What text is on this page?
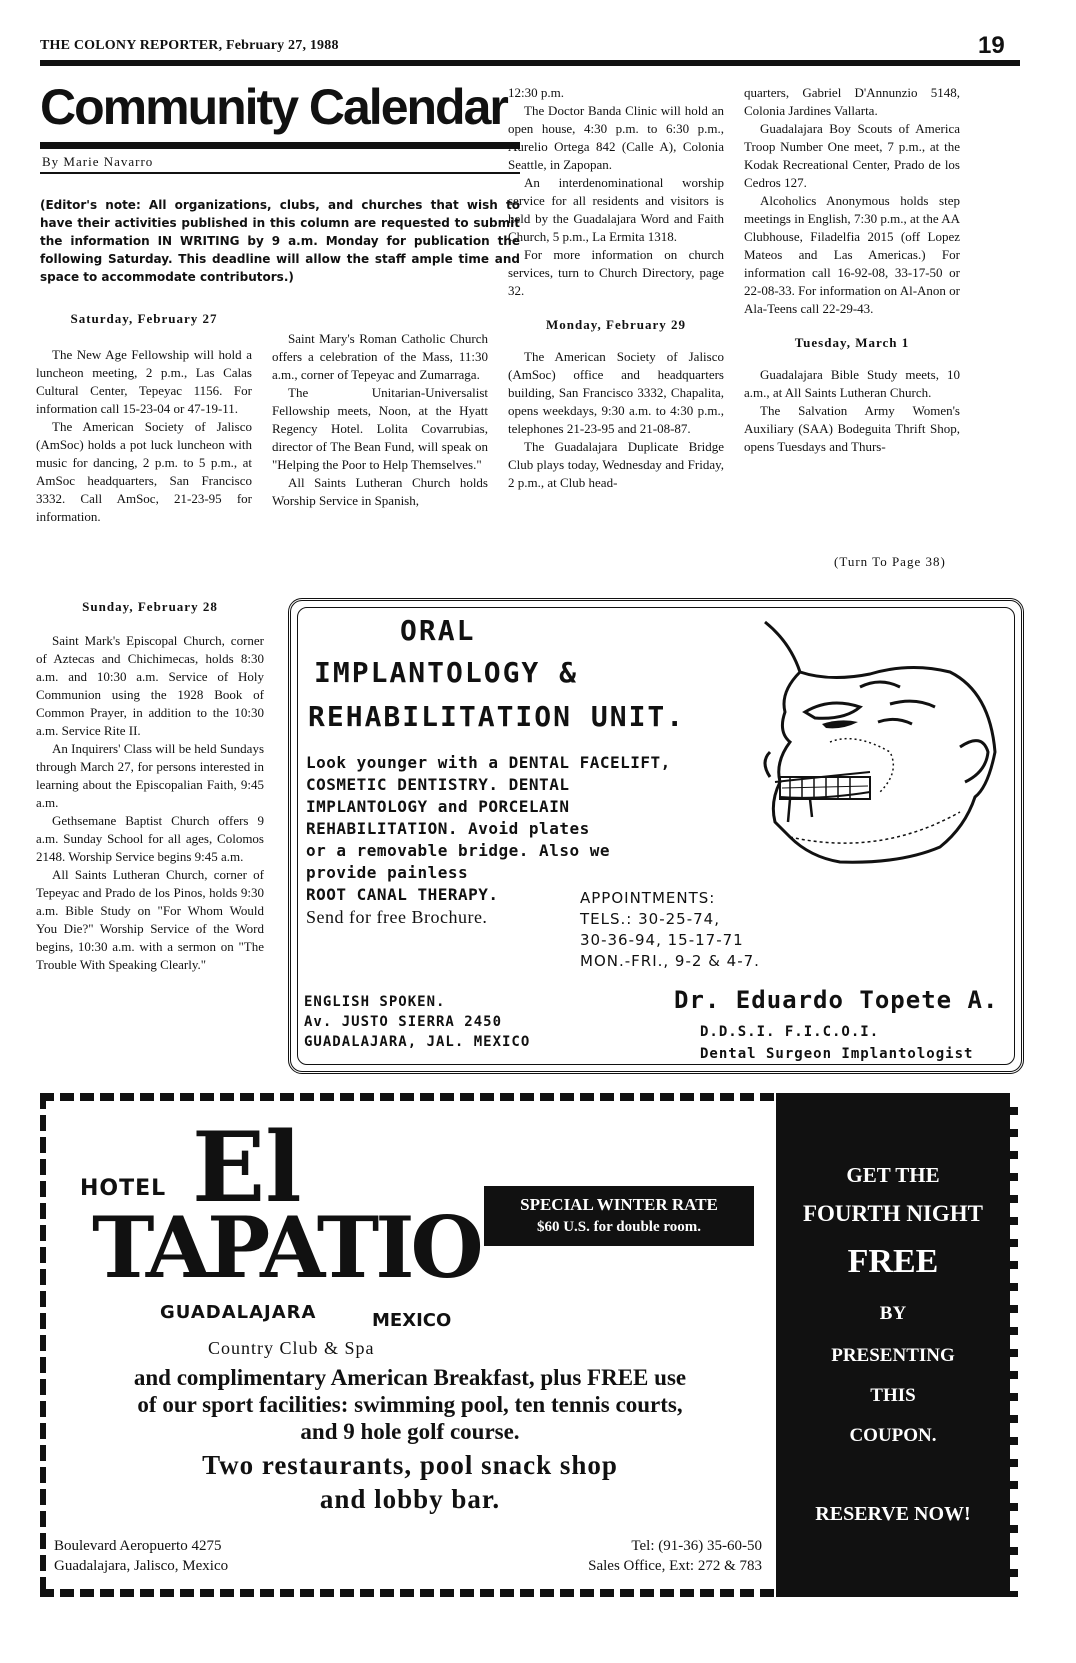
THE COLONY REPORTER, February 27, 1988	19
Community Calendar
By Marie Navarro
(Editor's note: All organizations, clubs, and churches that wish to have their activities published in this column are requested to submit the information IN WRITING by 9 a.m. Monday for publication the following Saturday. This deadline will allow the staff ample time and space to accommodate contributors.)
Saturday, February 27

The New Age Fellowship will hold a luncheon meeting, 2 p.m., Las Calas Cultural Center, Tepeyac 1156. For information call 15-23-04 or 47-19-11.

The American Society of Jalisco (AmSoc) holds a pot luck luncheon with music for dancing, 2 p.m. to 5 p.m., at AmSoc headquarters, San Francisco 3332. Call AmSoc, 21-23-95 for information.

Saint Mary's Roman Catholic Church offers a celebration of the Mass, 11:30 a.m., corner of Tepeyac and Zumarraga.

The Unitarian-Universalist Fellowship meets, Noon, at the Hyatt Regency Hotel. Lolita Covarrubias, director of The Bean Fund, will speak on "Helping the Poor to Help Themselves."

All Saints Lutheran Church holds Worship Service in Spanish,

12:30 p.m.

The Doctor Banda Clinic will hold an open house, 4:30 p.m. to 6:30 p.m., Aurelio Ortega 842 (Calle A), Colonia Seattle, in Zapopan.

An interdenominational worship service for all residents and visitors is held by the Guadalajara Word and Faith Church, 5 p.m., La Ermita 1318.

For more information on church services, turn to Church Directory, page 32.

Monday, February 29

The American Society of Jalisco (AmSoc) office and headquarters building, San Francisco 3332, Chapalita, opens weekdays, 9:30 a.m. to 4:30 p.m., telephones 21-23-95 and 21-08-87.

The Guadalajara Duplicate Bridge Club plays today, Wednesday and Friday, 2 p.m., at Club head-

quarters, Gabriel D'Annunzio 5148, Colonia Jardines Vallarta.

Guadalajara Boy Scouts of America Troop Number One meet, 7 p.m., at the Kodak Recreational Center, Prado de los Cedros 127.

Alcoholics Anonymous holds step meetings in English, 7:30 p.m., at the AA Clubhouse, Filadelfia 2015 (off Lopez Mateos and Las Americas.) For information call 16-92-08, 33-17-50 or 22-08-33. For information on Al-Anon or Ala-Teens call 22-29-43.

Tuesday, March 1

Guadalajara Bible Study meets, 10 a.m., at All Saints Lutheran Church.

The Salvation Army Women's Auxiliary (SAA) Bodeguita Thrift Shop, opens Tuesdays and Thurs-

(Turn To Page 38)
Sunday, February 28

Saint Mark's Episcopal Church, corner of Aztecas and Chichimecas, holds 8:30 a.m. and 10:30 a.m. Service of Holy Communion using the 1928 Book of Common Prayer, in addition to the 10:30 a.m. Service Rite II.

An Inquirers' Class will be held Sundays through March 27, for persons interested in learning about the Episcopalian Faith, 9:45 a.m.

Gethsemane Baptist Church offers 9 a.m. Sunday School for all ages, Colomos 2148. Worship Service begins 9:45 a.m.

All Saints Lutheran Church, corner of Tepeyac and Prado de los Pinos, holds 9:30 a.m. Bible Study on "For Whom Would You Die?" Worship Service of the Word begins, 10:30 a.m. with a sermon on "The Trouble With Speaking Clearly."

ORAL
IMPLANTOLOGY &
REHABILITATION UNIT.
Look younger with a DENTAL FACELIFT,
COSMETIC DENTISTRY. DENTAL
IMPLANTOLOGY and PORCELAIN
REHABILITATION. Avoid plates
or a removable bridge. Also we
provide painless
ROOT CANAL THERAPY.
Send for free Brochure.
APPOINTMENTS:
TELS.: 30-25-74,
30-36-94, 15-17-71
MON.-FRI., 9-2 & 4-7.
ENGLISH SPOKEN.
Av. JUSTO SIERRA 2450
GUADALAJARA, JAL. MEXICO
Dr. Eduardo Topete A.
D.D.S.I. F.I.C.O.I.
Dental Surgeon Implantologist
HOTEL El
TAPATIO
GUADALAJARA	MEXICO
Country Club & Spa
SPECIAL WINTER RATE
$60 U.S. for double room.
and complimentary American Breakfast, plus FREE use
of our sport facilities: swimming pool, ten tennis courts,
and 9 hole golf course.
Two restaurants, pool snack shop
and lobby bar.
Boulevard Aeropuerto 4275
Guadalajara, Jalisco, Mexico
Tel: (91-36) 35-60-50
Sales Office, Ext: 272 & 783
GET THE
FOURTH NIGHT
FREE
BY
PRESENTING
THIS
COUPON.
RESERVE NOW!
